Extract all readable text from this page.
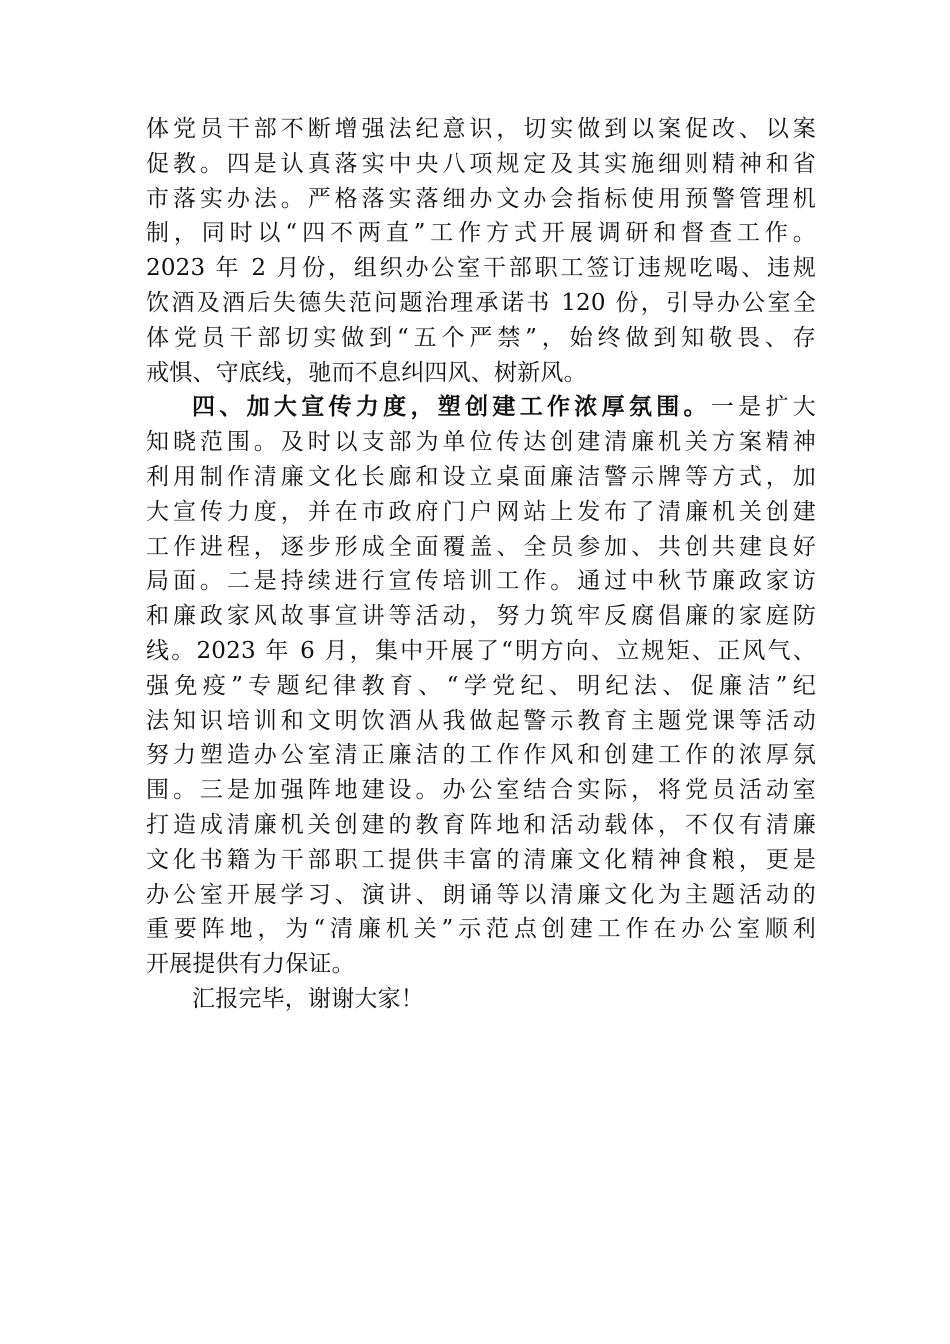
体党员干部不断增强法纪意识，切实做到以案促改、以案
促教。四是认真落实中央八项规定及其实施细则精神和省
市落实办法。严格落实落细办文办会指标使用预警管理机
制，同时以“四不两直”工作方式开展调研和督查工作。
2023 年 2 月份，组织办公室干部职工签订违规吃喝、违规
饮酒及酒后失德失范问题治理承诺书 120 份，引导办公室全
体党员干部切实做到“五个严禁”，始终做到知敬畏、存
戒惧、守底线，驰而不息纠四风、树新风。
四、加大宣传力度，塑创建工作浓厚氛围。一是扩大
知晓范围。及时以支部为单位传达创建清廉机关方案精神
利用制作清廉文化长廊和设立桌面廉洁警示牌等方式，加
大宣传力度，并在市政府门户网站上发布了清廉机关创建
工作进程，逐步形成全面覆盖、全员参加、共创共建良好
局面。二是持续进行宣传培训工作。通过中秋节廉政家访
和廉政家风故事宣讲等活动，努力筑牢反腐倡廉的家庭防
线。2023 年 6 月，集中开展了“明方向、立规矩、正风气、
强免疫”专题纪律教育、“学党纪、明纪法、促廉洁”纪
法知识培训和文明饮酒从我做起警示教育主题党课等活动
努力塑造办公室清正廉洁的工作作风和创建工作的浓厚氛
围。三是加强阵地建设。办公室结合实际，将党员活动室
打造成清廉机关创建的教育阵地和活动载体，不仅有清廉
文化书籍为干部职工提供丰富的清廉文化精神食粮，更是
办公室开展学习、演讲、朗诵等以清廉文化为主题活动的
重要阵地，为“清廉机关”示范点创建工作在办公室顺利
开展提供有力保证。
汇报完毕，谢谢大家！
